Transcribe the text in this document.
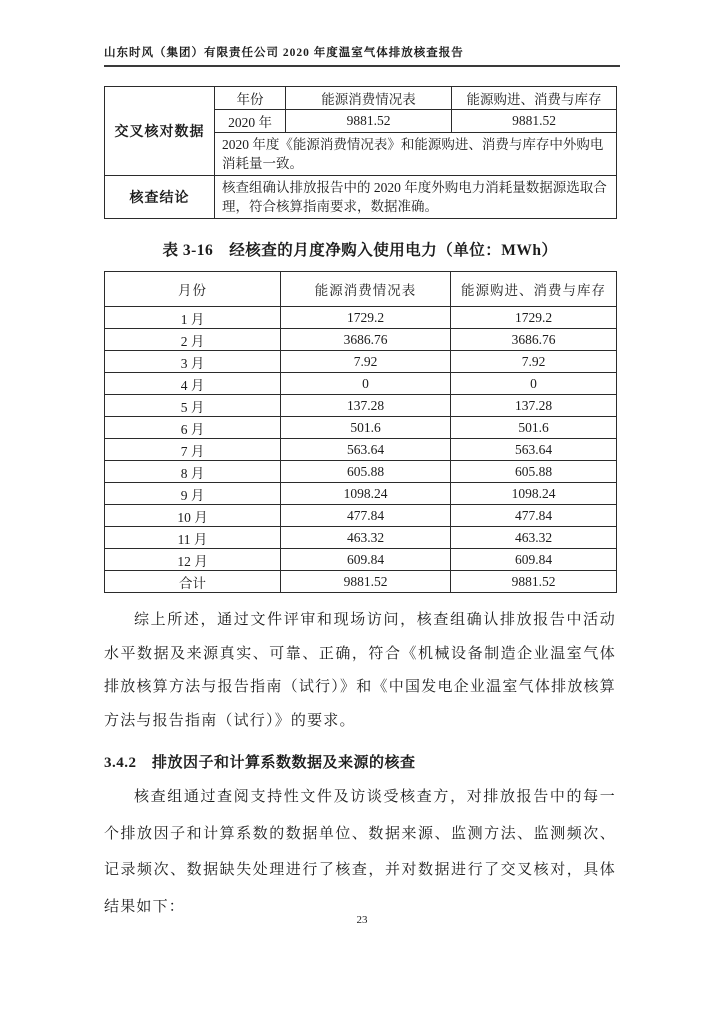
山东时风（集团）有限责任公司 2020 年度温室气体排放核查报告
交叉核对数据	年份	能源消费情况表	能源购进、消费与库存
	2020 年	9881.52	9881.52
	2020 年度《能源消费情况表》和能源购进、消费与库存中外购电消耗量一致。		
核查结论	核查组确认排放报告中的 2020 年度外购电力消耗量数据源选取合理，符合核算指南要求，数据准确。		
表 3-16　经核查的月度净购入使用电力（单位：MWh）
月份	能源消费情况表	能源购进、消费与库存
1 月	1729.2	1729.2
2 月	3686.76	3686.76
3 月	7.92	7.92
4 月	0	0
5 月	137.28	137.28
6 月	501.6	501.6
7 月	563.64	563.64
8 月	605.88	605.88
9 月	1098.24	1098.24
10 月	477.84	477.84
11 月	463.32	463.32
12 月	609.84	609.84
合计	9881.52	9881.52

综上所述，通过文件评审和现场访问，核查组确认排放报告中活动水平数据及来源真实、可靠、正确，符合《机械设备制造企业温室气体排放核算方法与报告指南（试行）》和《中国发电企业温室气体排放核算方法与报告指南（试行）》的要求。

3.4.2　排放因子和计算系数数据及来源的核查

核查组通过查阅支持性文件及访谈受核查方，对排放报告中的每一个排放因子和计算系数的数据单位、数据来源、监测方法、监测频次、记录频次、数据缺失处理进行了核查，并对数据进行了交叉核对，具体结果如下：

23
